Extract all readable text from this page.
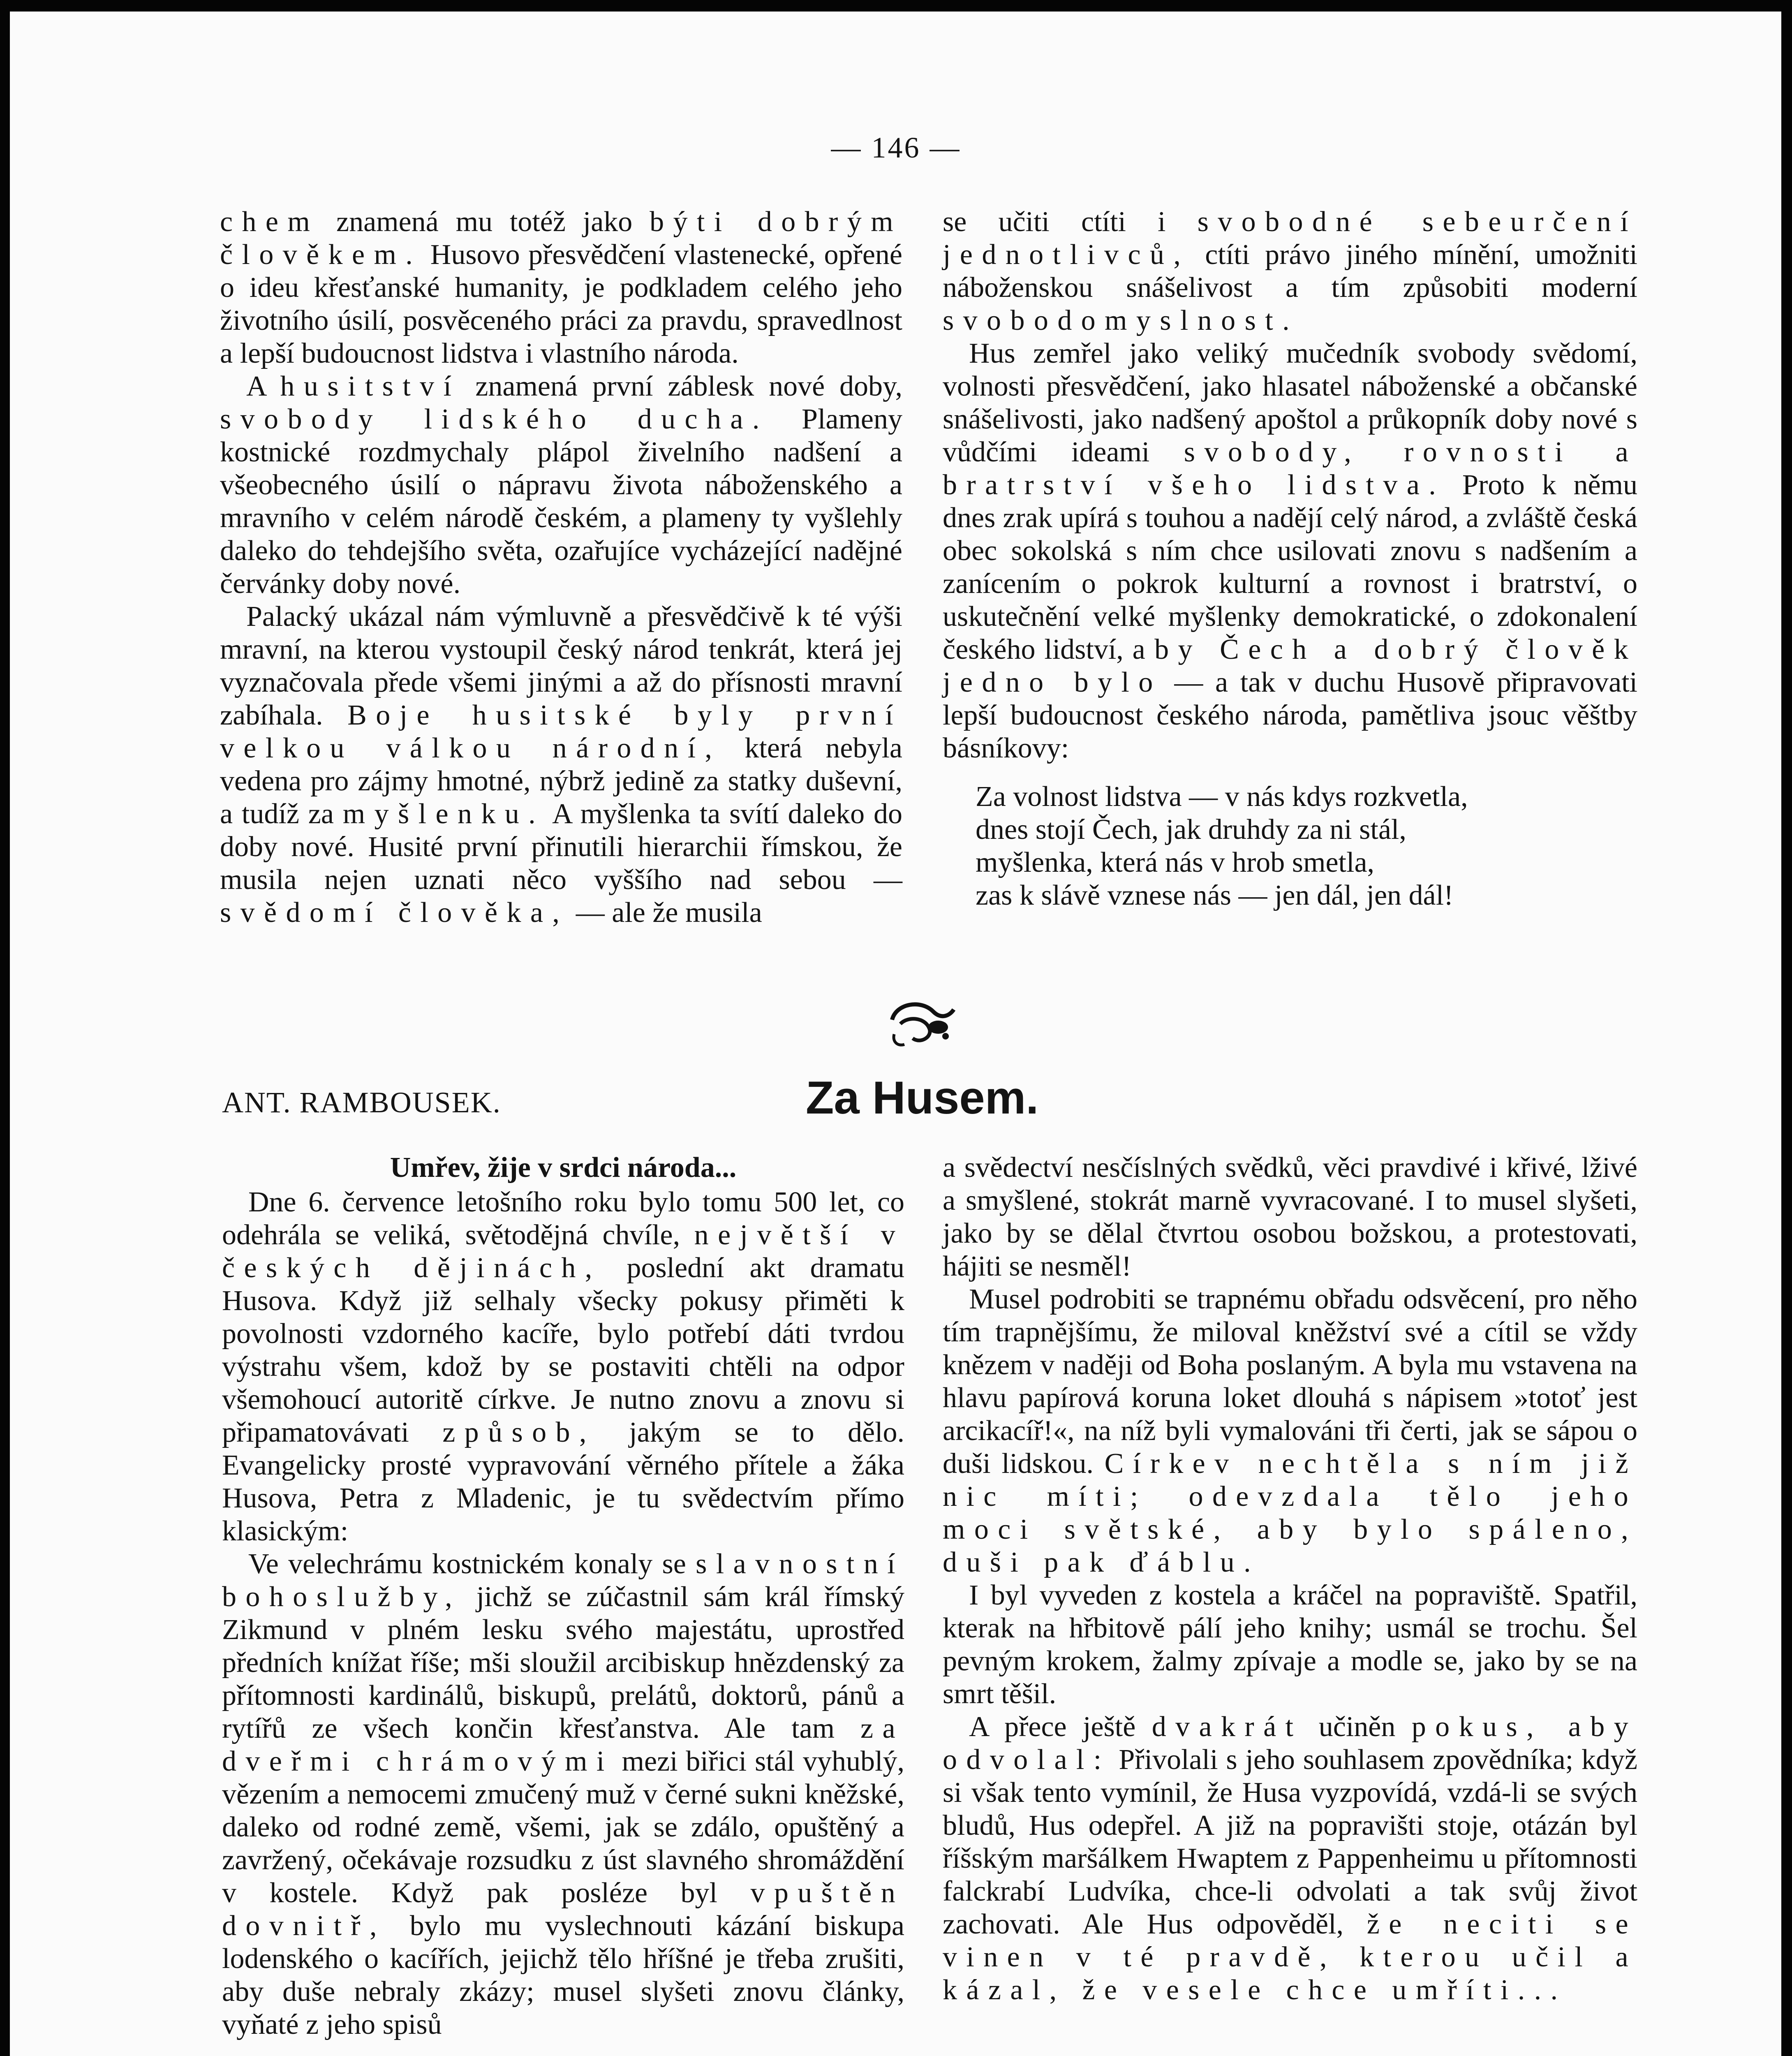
— 146 —

chem znamená mu totéž jako býti dobrým člověkem. Husovo přesvědčení vlastenecké, opřené o ideu křesťanské humanity, je podkladem celého jeho životního úsilí, posvěceného práci za pravdu, spravedlnost a lepší budoucnost lidstva i vlastního národa.

A husitství znamená první záblesk nové doby, svobody lidského ducha. Plameny kostnické rozdmychaly plápol živelního nadšení a všeobecného úsilí o nápravu života náboženského a mravního v celém národě českém, a plameny ty vyšlehly daleko do tehdejšího světa, ozařujíce vycházející nadějné červánky doby nové.

Palacký ukázal nám výmluvně a přesvědčivě k té výši mravní, na kterou vystoupil český národ tenkrát, která jej vyznačovala přede všemi jinými a až do přísnosti mravní zabíhala. Boje husitské byly první velkou válkou národní, která nebyla vedena pro zájmy hmotné, nýbrž jedině za statky duševní, a tudíž za myšlenku. A myšlenka ta svítí daleko do doby nové. Husité první přinutili hierarchii římskou, že musila nejen uznati něco vyššího nad sebou — svědomí člověka, — ale že musila

se učiti ctíti i svobodné sebeurčení jednotlivců, ctíti právo jiného mínění, umožniti náboženskou snášelivost a tím způsobiti moderní svobodomyslnost.

Hus zemřel jako veliký mučedník svobody svědomí, volnosti přesvědčení, jako hlasatel náboženské a občanské snášelivosti, jako nadšený apoštol a průkopník doby nové s vůdčími ideami svobody, rovnosti a bratrství všeho lidstva. Proto k němu dnes zrak upírá s touhou a nadějí celý národ, a zvláště česká obec sokolská s ním chce usilovati znovu s nadšením a zanícením o pokrok kulturní a rovnost i bratrství, o uskutečnění velké myšlenky demokratické, o zdokonalení českého lidství, aby Čech a dobrý člověk jedno bylo — a tak v duchu Husově připravovati lepší budoucnost českého národa, pamětliva jsouc věštby básníkovy:

Za volnost lidstva — v nás kdys rozkvetla,
dnes stojí Čech, jak druhdy za ni stál,
myšlenka, která nás v hrob smetla,
zas k slávě vznese nás — jen dál, jen dál!
ANT. RAMBOUSEK.	Za Husem.
Umřev, žije v srdci národa...

Dne 6. července letošního roku bylo tomu 500 let, co odehrála se veliká, světodějná chvíle, největší v českých dějinách, poslední akt dramatu Husova. Když již selhaly všecky pokusy přiměti k povolnosti vzdorného kacíře, bylo potřebí dáti tvrdou výstrahu všem, kdož by se postaviti chtěli na odpor všemohoucí autoritě církve. Je nutno znovu a znovu si připamatovávati způsob, jakým se to dělo. Evangelicky prosté vypravování věrného přítele a žáka Husova, Petra z Mladenic, je tu svědectvím přímo klasickým:

Ve velechrámu kostnickém konaly se slavnostní bohoslužby, jichž se zúčastnil sám král římský Zikmund v plném lesku svého majestátu, uprostřed předních knížat říše; mši sloužil arcibiskup hnězdenský za přítomnosti kardinálů, biskupů, prelátů, doktorů, pánů a rytířů ze všech končin křesťanstva. Ale tam za dveřmi chrámovými mezi biřici stál vyhublý, vězením a nemocemi zmučený muž v černé sukni kněžské, daleko od rodné země, všemi, jak se zdálo, opuštěný a zavržený, očekávaje rozsudku z úst slavného shromáždění v kostele. Když pak posléze byl vpuštěn dovnitř, bylo mu vyslechnouti kázání biskupa lodenského o kacířích, jejichž tělo hříšné je třeba zrušiti, aby duše nebraly zkázy; musel slyšeti znovu články, vyňaté z jeho spisů

a svědectví nesčíslných svědků, věci pravdivé i křivé, lživé a smyšlené, stokrát marně vyvracované. I to musel slyšeti, jako by se dělal čtvrtou osobou božskou, a protestovati, hájiti se nesměl!

Musel podrobiti se trapnému obřadu odsvěcení, pro něho tím trapnějšímu, že miloval kněžství své a cítil se vždy knězem v naději od Boha poslaným. A byla mu vstavena na hlavu papírová koruna loket dlouhá s nápisem »totoť jest arcikacíř!«, na níž byli vymalováni tři čerti, jak se sápou o duši lidskou. Církev nechtěla s ním již nic míti; odevzdala tělo jeho moci světské, aby bylo spáleno, duši pak ďáblu.

I byl vyveden z kostela a kráčel na popraviště. Spatřil, kterak na hřbitově pálí jeho knihy; usmál se trochu. Šel pevným krokem, žalmy zpívaje a modle se, jako by se na smrt těšil.

A přece ještě dvakrát učiněn pokus, aby odvolal: Přivolali s jeho souhlasem zpovědníka; když si však tento vymínil, že Husa vyzpovídá, vzdá-li se svých bludů, Hus odepřel. A již na popravišti stoje, otázán byl říšským maršálkem Hwaptem z Pappenheimu u přítomnosti falckrabí Ludvíka, chce-li odvolati a tak svůj život zachovati. Ale Hus odpověděl, že neciti se vinen v té pravdě, kterou učil a kázal, že vesele chce umříti...
